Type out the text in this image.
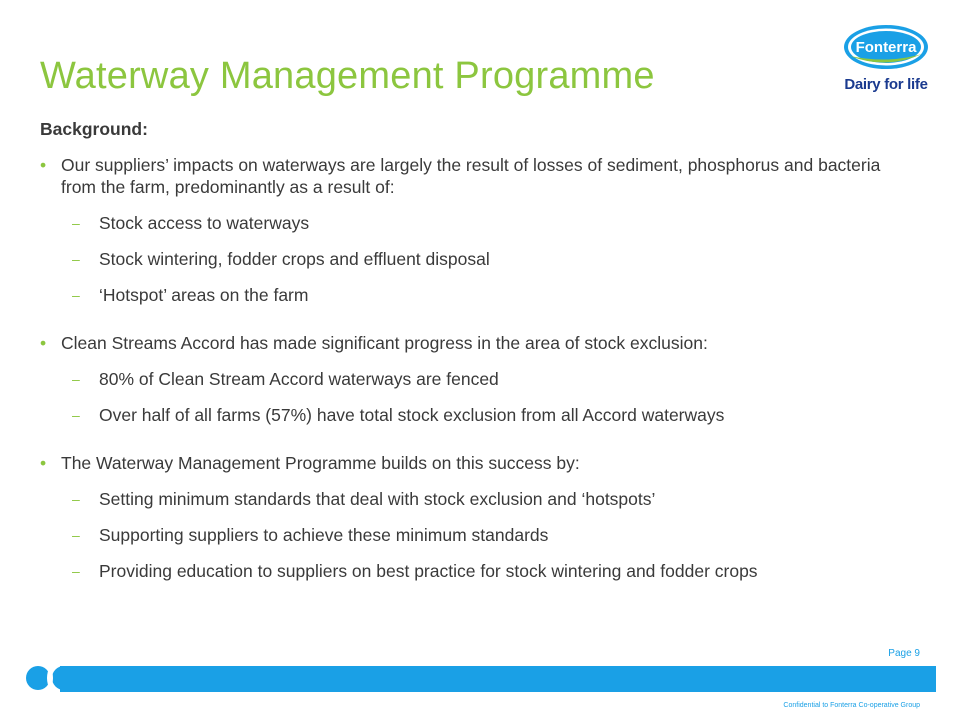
Waterway Management Programme
Fonterra
Dairy for life

Background:

• Our suppliers’ impacts on waterways are largely the result of losses of sediment, phosphorus and bacteria from the farm, predominantly as a result of:

– Stock access to waterways

– Stock wintering, fodder crops and effluent disposal

– ‘Hotspot’ areas on the farm

• Clean Streams Accord has made significant progress in the area of stock exclusion:

– 80% of Clean Stream Accord waterways are fenced

– Over half of all farms (57%) have total stock exclusion from all Accord waterways

• The Waterway Management Programme builds on this success by:

– Setting minimum standards that deal with stock exclusion and ‘hotspots’

– Supporting suppliers to achieve these minimum standards

– Providing education to suppliers on best practice for stock wintering and fodder crops

Page 9
Confidential to Fonterra Co-operative Group
